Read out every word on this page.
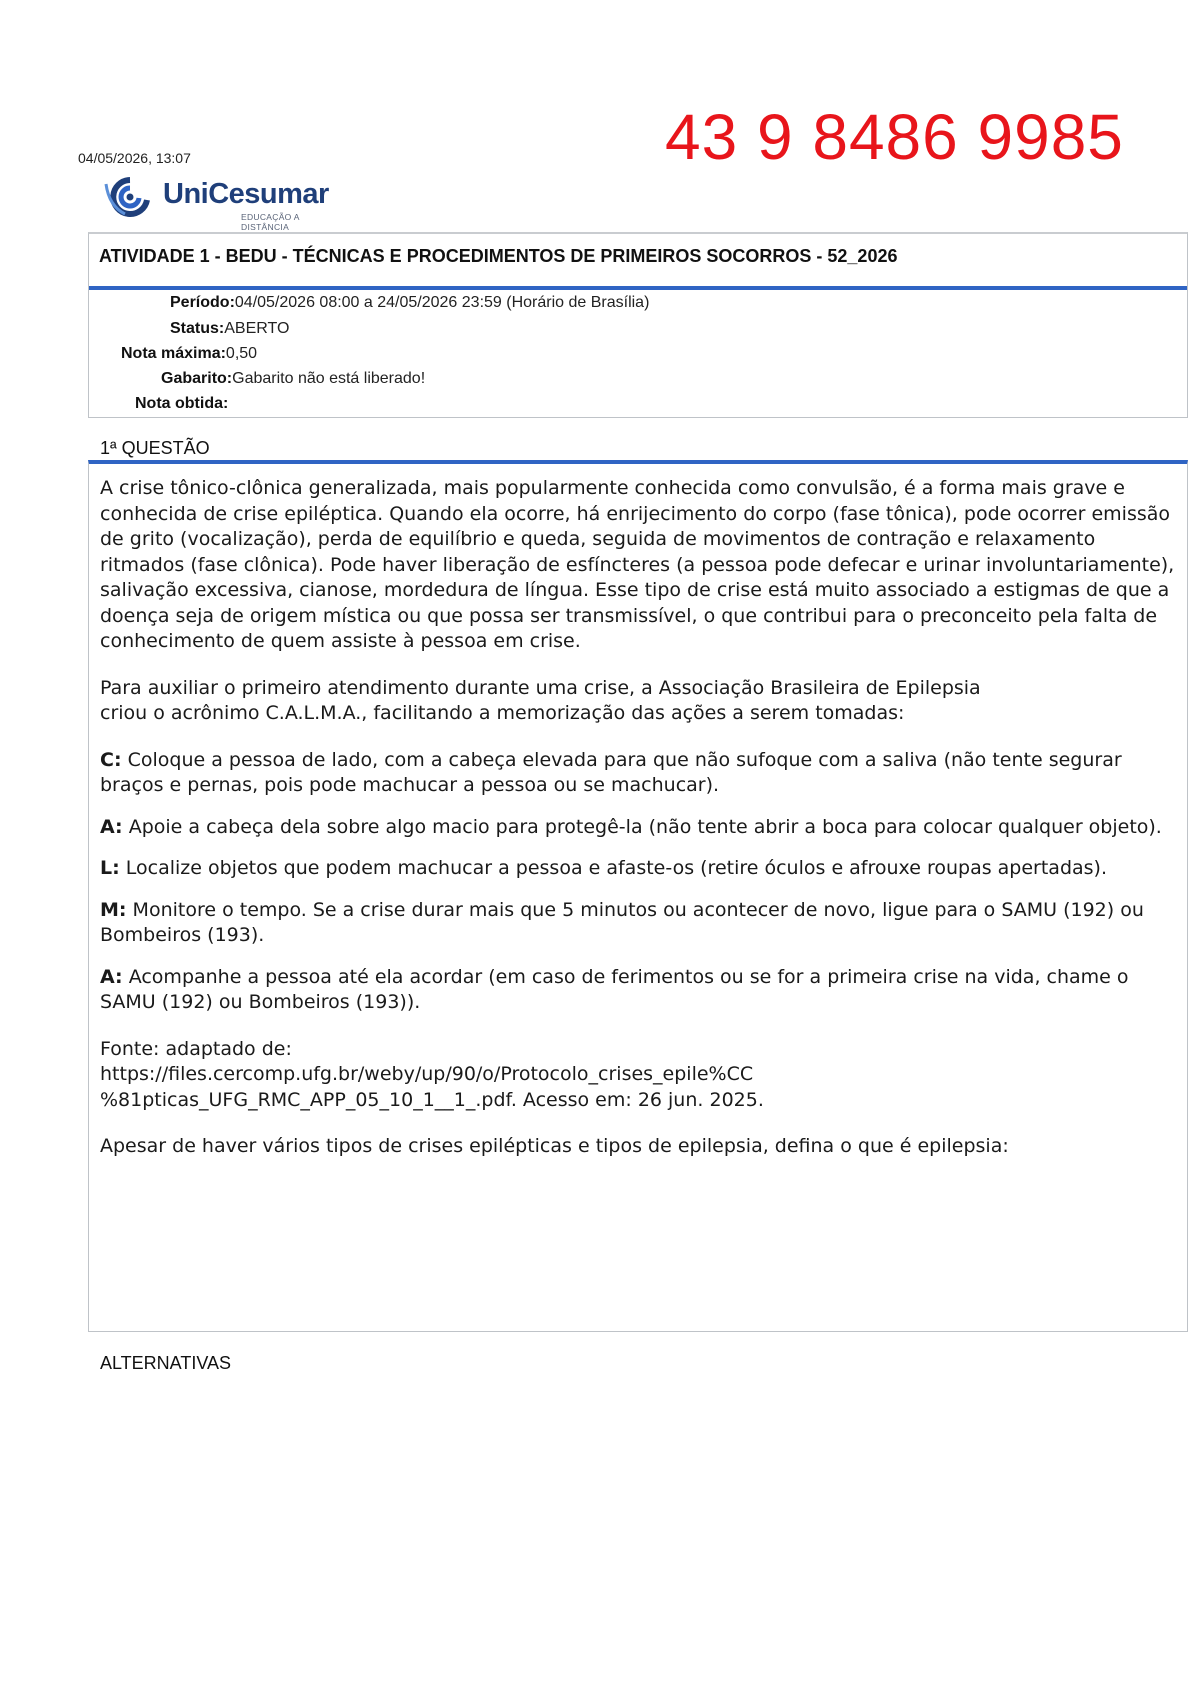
04/05/2026, 13:07	43 9 8486 9985
UniCesumar
EDUCAÇÃO A DISTÂNCIA
ATIVIDADE 1 - BEDU - TÉCNICAS E PROCEDIMENTOS DE PRIMEIROS SOCORROS - 52_2026
Período:04/05/2026 08:00 a 24/05/2026 23:59 (Horário de Brasília)
Status:ABERTO
Nota máxima:0,50
Gabarito:Gabarito não está liberado!
Nota obtida:
1ª QUESTÃO

A crise tônico-clônica generalizada, mais popularmente conhecida como convulsão, é a forma mais grave e conhecida de crise epiléptica. Quando ela ocorre, há enrijecimento do corpo (fase tônica), pode ocorrer emissão de grito (vocalização), perda de equilíbrio e queda, seguida de movimentos de contração e relaxamento ritmados (fase clônica). Pode haver liberação de esfíncteres (a pessoa pode defecar e urinar involuntariamente), salivação excessiva, cianose, mordedura de língua. Esse tipo de crise está muito associado a estigmas de que a doença seja de origem mística ou que possa ser transmissível, o que contribui para o preconceito pela falta de conhecimento de quem assiste à pessoa em crise.

Para auxiliar o primeiro atendimento durante uma crise, a Associação Brasileira de Epilepsia

criou o acrônimo C.A.L.M.A., facilitando a memorização das ações a serem tomadas:

C: Coloque a pessoa de lado, com a cabeça elevada para que não sufoque com a saliva (não tente segurar braços e pernas, pois pode machucar a pessoa ou se machucar).

A: Apoie a cabeça dela sobre algo macio para protegê-la (não tente abrir a boca para colocar qualquer objeto).

L: Localize objetos que podem machucar a pessoa e afaste-os (retire óculos e afrouxe roupas apertadas).

M: Monitore o tempo. Se a crise durar mais que 5 minutos ou acontecer de novo, ligue para o SAMU (192) ou Bombeiros (193).

A: Acompanhe a pessoa até ela acordar (em caso de ferimentos ou se for a primeira crise na vida, chame o SAMU (192) ou Bombeiros (193)).

Fonte: adaptado de:

https://files.cercomp.ufg.br/weby/up/90/o/Protocolo_crises_epile%CC

%81pticas_UFG_RMC_APP_05_10_1__1_.pdf. Acesso em: 26 jun. 2025.

Apesar de haver vários tipos de crises epilépticas e tipos de epilepsia, defina o que é epilepsia:

ALTERNATIVAS
